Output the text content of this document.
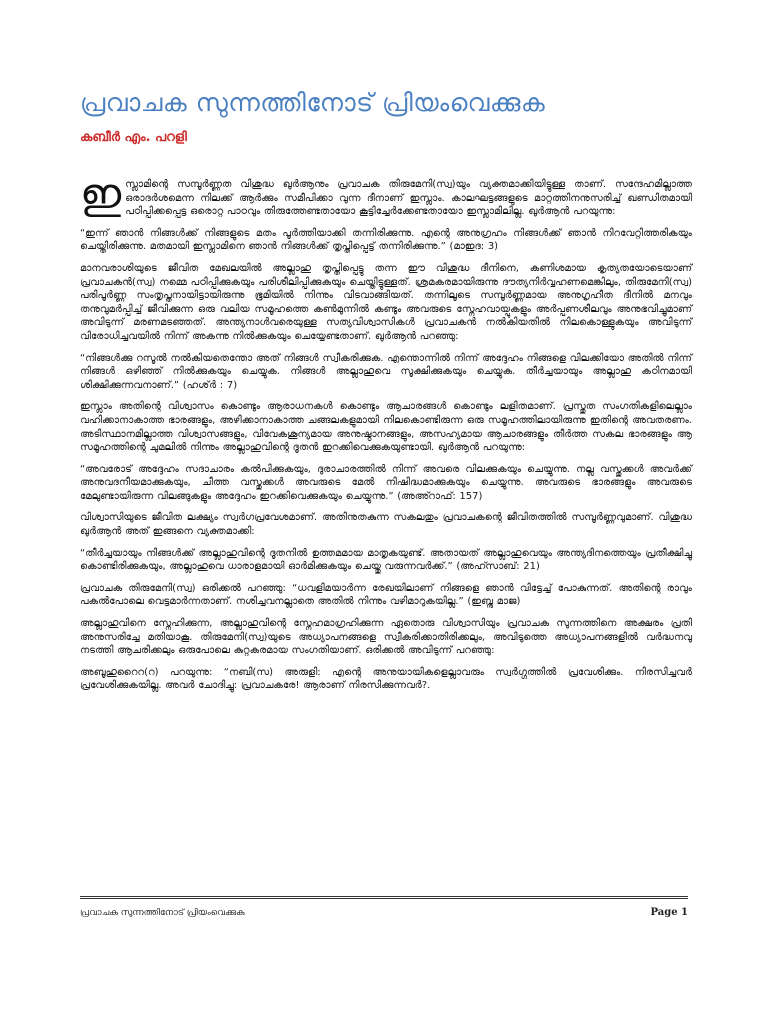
പ്രവാചക സുന്നത്തിനോട് പ്രിയംവെക്കുക
കബീർ എം. പറളി

ഇസ്ലാമിന്റെ സമ്പൂർണ്ണത വിശുദ്ധ ഖുർആനും പ്രവാചക തിരുമേനി(സ്വ)യും വ്യക്തമാക്കിയിട്ടുള്ള താണ്. സന്ദേഹമില്ലാത്ത ഒരാദർശമെന്ന നിലക്ക് ആർക്കും സമീപിക്കാ വുന്ന ദീനാണ് ഇസ്ലാം. കാലഘട്ടങ്ങളുടെ മാറ്റത്തിനനുസരിച്ച് ഖണ്ഡിതമായി പഠിപ്പിക്കപ്പെട്ട ഒരൊറ്റ പാഠവും തിരുത്തേണ്ടതായോ കൂട്ടിച്ചേർക്കേണ്ടതായോ ഇസ്ലാമിലില്ല. ഖുർആൻ പറയുന്നു:

“ഇന്ന് ഞാൻ നിങ്ങൾക്ക് നിങ്ങളുടെ മതം പൂർത്തിയാക്കി തന്നിരിക്കുന്നു. എന്റെ അനുഗ്രഹം നിങ്ങൾക്ക് ഞാൻ നിറവേറ്റിത്തരികയും ചെയ്തിരിക്കുന്നു. മതമായി ഇസ്ലാമിനെ ഞാൻ നിങ്ങൾക്ക് തൃപ്തിപ്പെട്ട് തന്നിരിക്കുന്നു.” (മാഇദ: 3)

മാനവരാശിയുടെ ജീവിത മേഖലയിൽ അല്ലാഹു തൃപ്തിപ്പെട്ടു തന്ന ഈ വിശുദ്ധ ദീനിനെ, കണിശമായ കൃത്യതയോടെയാണ് പ്രവാചകൻ(സ്വ) നമ്മെ പഠിപ്പിക്കുകയും പരിശീലിപ്പിക്കുകയും ചെയ്തിട്ടുള്ളത്. ശ്രമകരമായിരുന്നു ദൗത്യനിർവ്വഹണമെങ്കിലും, തിരുമേനി(സ്വ) പരിപൂർണ്ണ സംതൃപ്തനായിട്ടായിരുന്നു ഭൂമിയിൽ നിന്നും വിടവാങ്ങിയത്. തന്നിലൂടെ സമ്പൂർണ്ണമായ അനുഗൃഹീത ദീനിൽ മനവും തനുവുമർപ്പിച്ച് ജീവിക്കുന്ന ഒരു വലിയ സമൂഹത്തെ കൺമുന്നിൽ കണ്ടും അവരുടെ സ്നേഹവായ്പുകളും അർപ്പണശീലവും അനുഭവിച്ചുമാണ് അവിടുന്ന് മരണമടഞ്ഞത്. അന്ത്യനാൾവരെയുള്ള സത്യവിശ്വാസികൾ പ്രവാചകൻ നൽകിയതിൽ നിലകൊള്ളുകയും അവിടുന്ന് വിരോധിച്ചവയിൽ നിന്ന് അകന്നു നിൽക്കുകയും ചെയ്യേണ്ടതാണ്. ഖുർആൻ പറഞ്ഞു:

“നിങ്ങൾക്കു റസൂൽ നൽകിയതെന്തോ അത് നിങ്ങൾ സ്വീകരിക്കുക. എന്തൊന്നിൽ നിന്ന് അദ്ദേഹം നിങ്ങളെ വിലക്കിയോ അതിൽ നിന്ന് നിങ്ങൾ ഒഴിഞ്ഞ് നിൽക്കുകയും ചെയ്യുക. നിങ്ങൾ അല്ലാഹുവെ സൂക്ഷിക്കുകയും ചെയ്യുക. തീർച്ചയായും അല്ലാഹു കഠിനമായി ശിക്ഷിക്കുന്നവനാണ്.” (ഹശ്ർ : 7)

ഇസ്ലാം അതിന്റെ വിശ്വാസം കൊണ്ടും ആരാധനകൾ കൊണ്ടും ആചാരങ്ങൾ കൊണ്ടും ലളിതമാണ്. പ്രസ്തുത സംഗതികളിലെല്ലാം വഹിക്കാനാകാത്ത ഭാരങ്ങളും, അഴിക്കാനാകാത്ത ചങ്ങലകളുമായി നിലകൊണ്ടിരുന്ന ഒരു സമൂഹത്തിലായിരുന്നു ഇതിന്റെ അവതരണം. അടിസ്ഥാനമില്ലാത്ത വിശ്വാസങ്ങളും, വിവേകശൂന്യമായ അനുഷ്ഠാനങ്ങളും, അസഹ്യമായ ആചാരങ്ങളും തീർത്ത സകല ഭാരങ്ങളും ആ സമൂഹത്തിന്റെ ചുമലിൽ നിന്നും അല്ലാഹുവിന്റെ ദൂതൻ ഇറക്കിവെക്കുകയുണ്ടായി. ഖുർആൻ പറയുന്നു:

“അവരോട് അദ്ദേഹം സദാചാരം കൽപിക്കുകയും, ദുരാചാരത്തിൽ നിന്ന് അവരെ വിലക്കുകയും ചെയ്യുന്നു. നല്ല വസ്തുക്കൾ അവർക്ക് അനുവദനീയമാക്കുകയും, ചീത്ത വസ്തുക്കൾ അവരുടെ മേൽ നിഷിദ്ധമാക്കുകയും ചെയ്യുന്നു. അവരുടെ ഭാരങ്ങളും അവരുടെ മേലുണ്ടായിരുന്ന വിലങ്ങുകളും അദ്ദേഹം ഇറക്കിവെക്കുകയും ചെയ്യുന്നു.” (അഅ്റാഫ്: 157)

വിശ്വാസിയുടെ ജീവിത ലക്ഷ്യം സ്വർഗപ്രവേശമാണ്. അതിനുതകുന്ന സകലതും പ്രവാചകന്റെ ജീവിതത്തിൽ സമ്പൂർണ്ണവുമാണ്. വിശുദ്ധ ഖുർആൻ അത് ഇങ്ങനെ വ്യക്തമാക്കി:

“തീർച്ചയായും നിങ്ങൾക്ക് അല്ലാഹുവിന്റെ ദൂതനിൽ ഉത്തമമായ മാതൃകയുണ്ട്. അതായത് അല്ലാഹുവെയും അന്ത്യദിനത്തെയും പ്രതീക്ഷിച്ചു കൊണ്ടിരിക്കുകയും, അല്ലാഹുവെ ധാരാളമായി ഓർമിക്കുകയും ചെയ്തു വരുന്നവർക്ക്.” (അഹ്സാബ്: 21)

പ്രവാചക തിരുമേനി(സ്വ) ഒരിക്കൽ പറഞ്ഞു: “ധവളിമയാർന്ന രേഖയിലാണ് നിങ്ങളെ ഞാൻ വിട്ടേച്ച് പോകുന്നത്. അതിന്റെ രാവും പകൽപോലെ വെട്ടമാർന്നതാണ്. നശിച്ചവനല്ലാതെ അതിൽ നിന്നും വഴിമാറുകയില്ല.” (ഇബ്നു മാജ)

അല്ലാഹുവിനെ സ്നേഹിക്കുന്ന, അല്ലാഹുവിന്റെ സ്നേഹമാഗ്രഹിക്കുന്ന ഏതൊരു വിശ്വാസിയും പ്രവാചക സുന്നത്തിനെ അക്ഷരം പ്രതി അനുസരിച്ചേ മതിയാകൂ. തിരുമേനി(സ്വ)യുടെ അധ്യാപനങ്ങളെ സ്വീകരിക്കാതിരിക്കലും, അവിടുത്തെ അധ്യാപനങ്ങളിൽ വർദ്ധനവു നടത്തി ആചരിക്കലും ഒരുപോലെ കുറ്റകരമായ സംഗതിയാണ്. ഒരിക്കൽ അവിടുന്ന് പറഞ്ഞു:

അബൂഹുറൈറ(റ) പറയുന്നു: “നബി(സ) അരുളി: എന്റെ അനുയായികളെല്ലാവരും സ്വർഗ്ഗത്തിൽ പ്രവേശിക്കും. നിരസിച്ചവർ പ്രവേശിക്കുകയില്ല. അവർ ചോദിച്ചു: പ്രവാചകരേ! ആരാണ് നിരസിക്കുന്നവർ?.

പ്രവാചക സുന്നത്തിനോട് പ്രിയംവെക്കുക	Page 1
